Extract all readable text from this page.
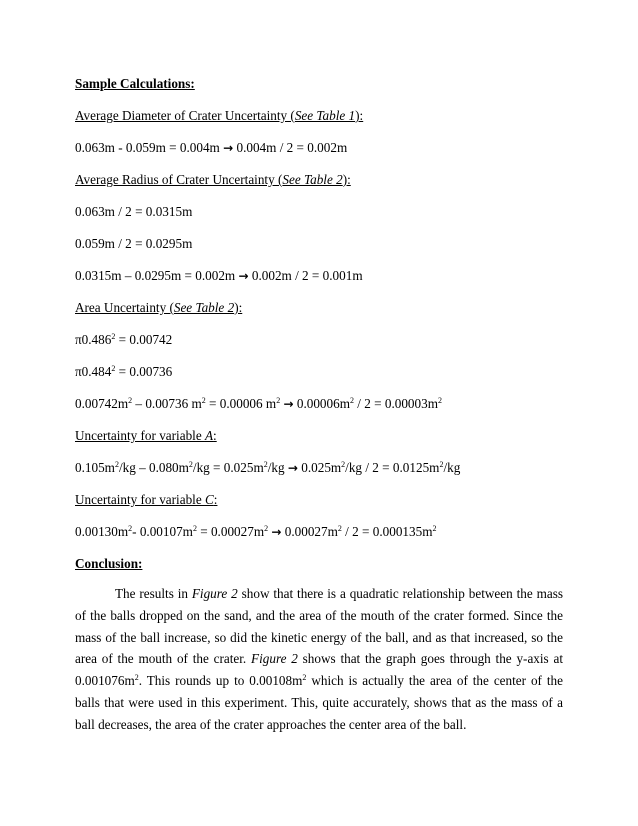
Sample Calculations:
Average Diameter of Crater Uncertainty (See Table 1):
0.063m - 0.059m = 0.004m → 0.004m / 2 = 0.002m
Average Radius of Crater Uncertainty (See Table 2):
0.063m / 2 = 0.0315m
0.059m / 2 = 0.0295m
0.0315m – 0.0295m = 0.002m → 0.002m / 2 = 0.001m
Area Uncertainty (See Table 2):
$\pi 0.486^2 = 0.00742$
$\pi 0.484^2 = 0.00736$
$0.00742m^2 - 0.00736$ $m^2 = 0.00006$ $m^2 \to 0.00006m^2 / 2 = 0.00003m^2$
Uncertainty for variable A:
$0.105m^2/kg - 0.080m^2/kg = 0.025m^2/kg \to 0.025m^2/kg / 2 = 0.0125m^2/kg$
Uncertainty for variable C:
$0.00130m^2-$ $0.00107m^2 = 0.00027m^2 \to 0.00027m^2 / 2 = 0.000135m^2$
Conclusion:
The results in Figure 2 show that there is a quadratic relationship between the mass of the balls dropped on the sand, and the area of the mouth of the crater formed. Since the mass of the ball increase, so did the kinetic energy of the ball, and as that increased, so the area of the mouth of the crater. Figure 2 shows that the graph goes through the y-axis at $0.001076m^2$. This rounds up to $0.00108m^2$ which is actually the area of the center of the balls that were used in this experiment. This, quite accurately, shows that as the mass of a ball decreases, the area of the crater approaches the center area of the ball.
